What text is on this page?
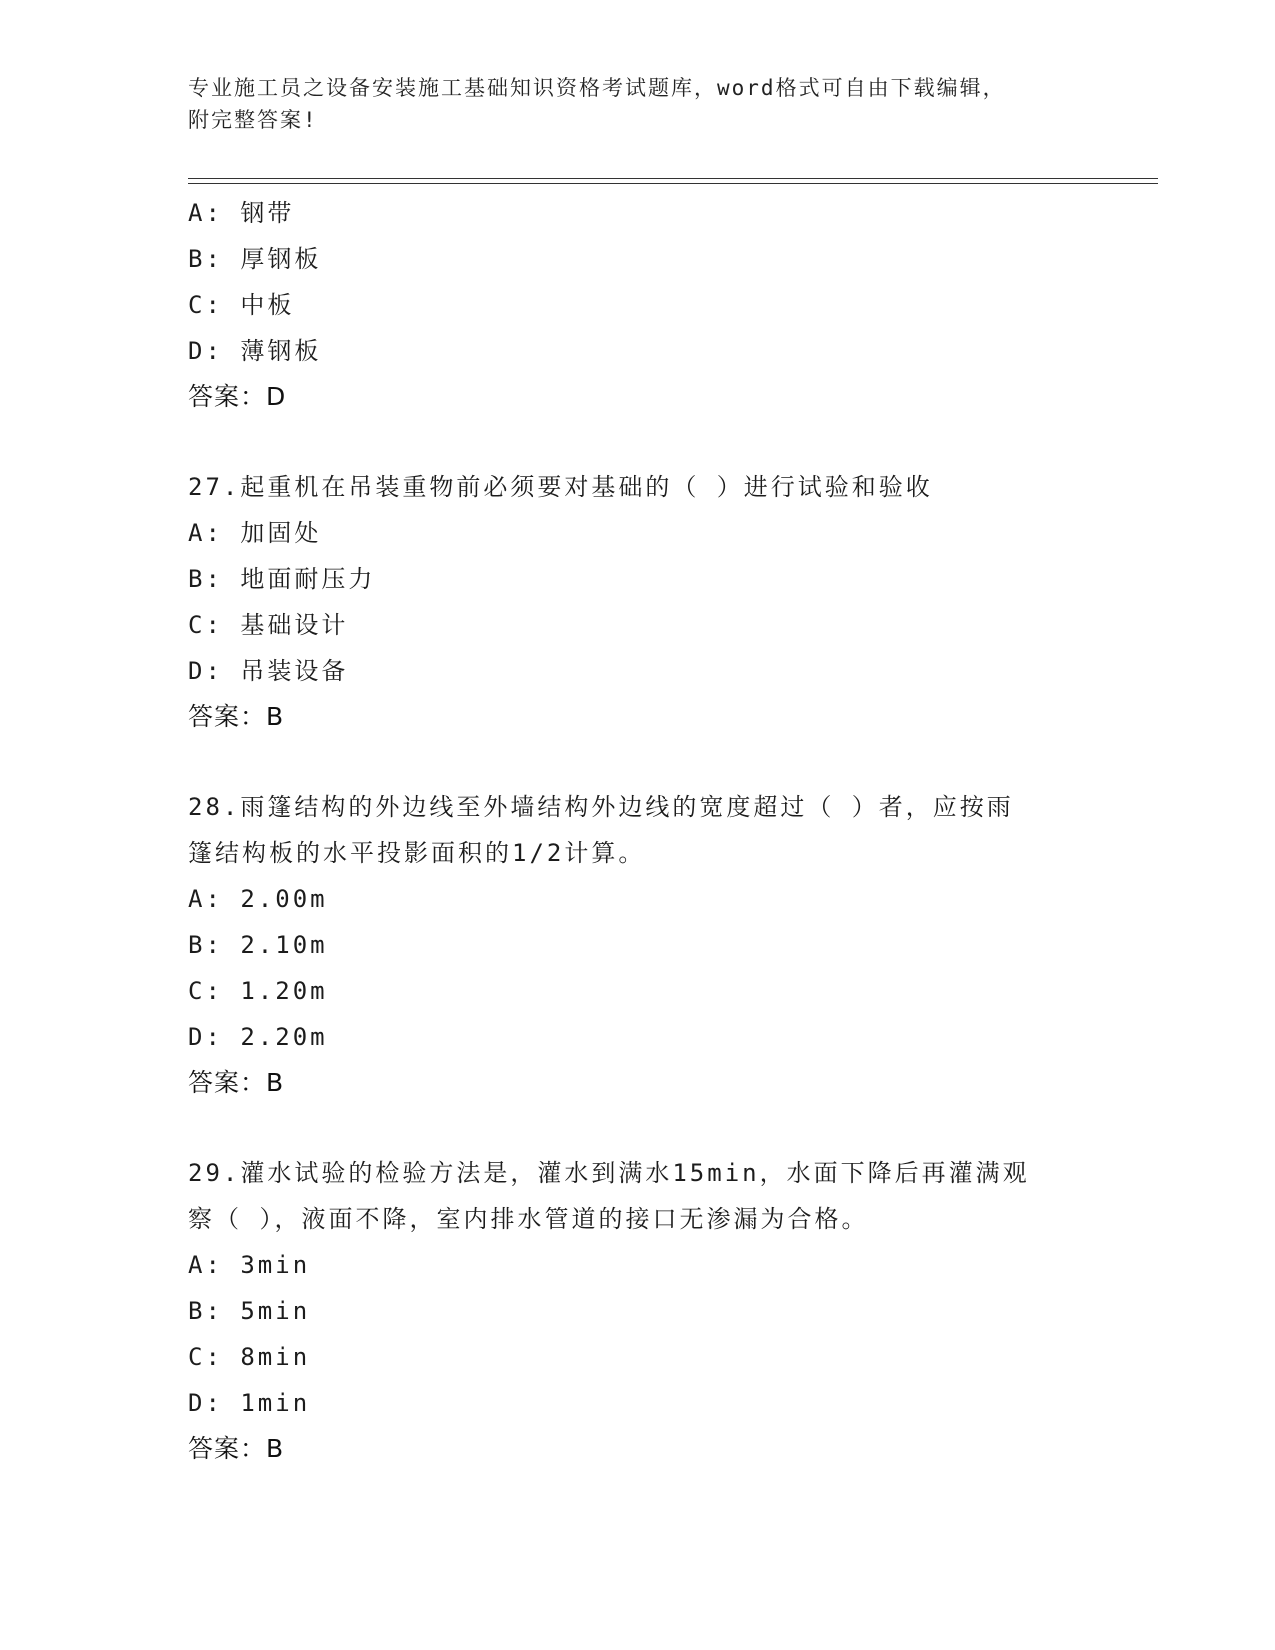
专业施工员之设备安装施工基础知识资格考试题库，word格式可自由下载编辑，
附完整答案!
A: 钢带
B: 厚钢板
C: 中板
D: 薄钢板
答案：D
27.起重机在吊装重物前必须要对基础的（ ）进行试验和验收
A: 加固处
B: 地面耐压力
C: 基础设计
D: 吊装设备
答案：B
28.雨篷结构的外边线至外墙结构外边线的宽度超过（ ）者，应按雨
篷结构板的水平投影面积的1/2计算。
A: 2.00m
B: 2.10m
C: 1.20m
D: 2.20m
答案：B
29.灌水试验的检验方法是，灌水到满水15min，水面下降后再灌满观
察（ ），液面不降，室内排水管道的接口无渗漏为合格。
A: 3min
B: 5min
C: 8min
D: 1min
答案：B
